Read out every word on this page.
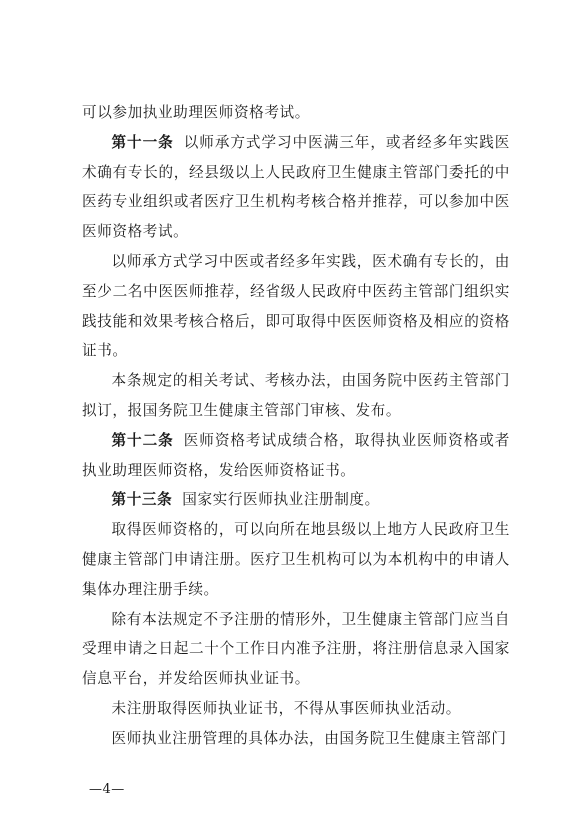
可以参加执业助理医师资格考试。

第十一条 以师承方式学习中医满三年，或者经多年实践医术确有专长的，经县级以上人民政府卫生健康主管部门委托的中医药专业组织或者医疗卫生机构考核合格并推荐，可以参加中医医师资格考试。

以师承方式学习中医或者经多年实践，医术确有专长的，由至少二名中医医师推荐，经省级人民政府中医药主管部门组织实践技能和效果考核合格后，即可取得中医医师资格及相应的资格证书。

本条规定的相关考试、考核办法，由国务院中医药主管部门拟订，报国务院卫生健康主管部门审核、发布。

第十二条 医师资格考试成绩合格，取得执业医师资格或者执业助理医师资格，发给医师资格证书。

第十三条 国家实行医师执业注册制度。

取得医师资格的，可以向所在地县级以上地方人民政府卫生健康主管部门申请注册。医疗卫生机构可以为本机构中的申请人集体办理注册手续。

除有本法规定不予注册的情形外，卫生健康主管部门应当自受理申请之日起二十个工作日内准予注册，将注册信息录入国家信息平台，并发给医师执业证书。

未注册取得医师执业证书，不得从事医师执业活动。

医师执业注册管理的具体办法，由国务院卫生健康主管部门

—4—
